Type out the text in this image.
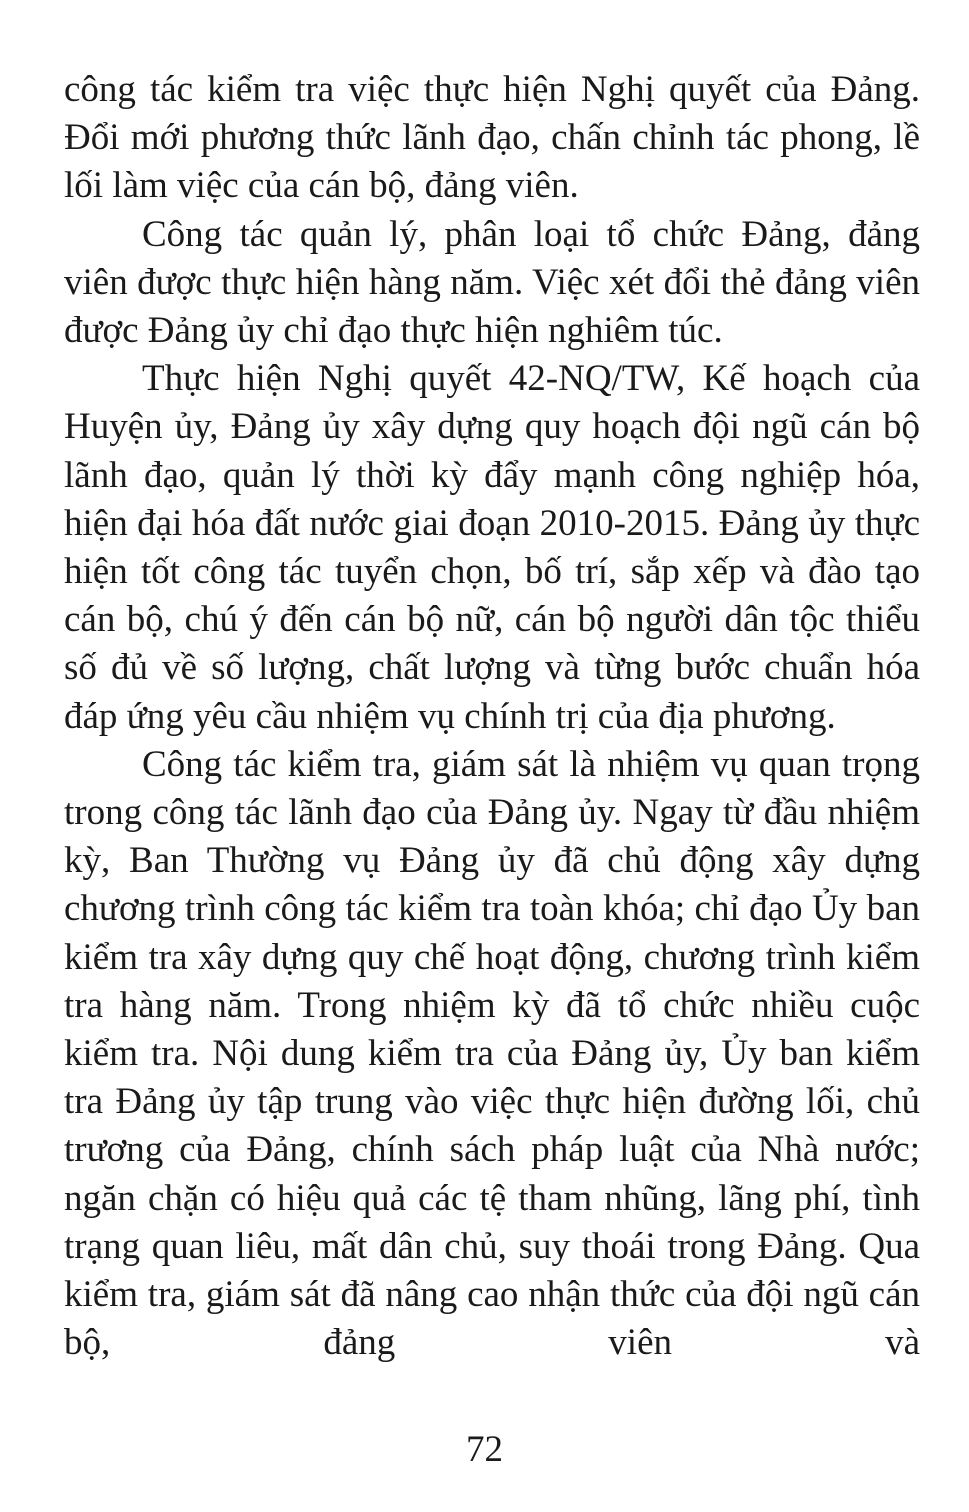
công tác kiểm tra việc thực hiện Nghị quyết của Đảng. Đổi mới phương thức lãnh đạo, chấn chỉnh tác phong, lề lối làm việc của cán bộ, đảng viên.

Công tác quản lý, phân loại tổ chức Đảng, đảng viên được thực hiện hàng năm. Việc xét đổi thẻ đảng viên được Đảng ủy chỉ đạo thực hiện nghiêm túc.

Thực hiện Nghị quyết 42-NQ/TW, Kế hoạch của Huyện ủy, Đảng ủy xây dựng quy hoạch đội ngũ cán bộ lãnh đạo, quản lý thời kỳ đẩy mạnh công nghiệp hóa, hiện đại hóa đất nước giai đoạn 2010-2015. Đảng ủy thực hiện tốt công tác tuyển chọn, bố trí, sắp xếp và đào tạo cán bộ, chú ý đến cán bộ nữ, cán bộ người dân tộc thiểu số đủ về số lượng, chất lượng và từng bước chuẩn hóa đáp ứng yêu cầu nhiệm vụ chính trị của địa phương.

Công tác kiểm tra, giám sát là nhiệm vụ quan trọng trong công tác lãnh đạo của Đảng ủy. Ngay từ đầu nhiệm kỳ, Ban Thường vụ Đảng ủy đã chủ động xây dựng chương trình công tác kiểm tra toàn khóa; chỉ đạo Ủy ban kiểm tra xây dựng quy chế hoạt động, chương trình kiểm tra hàng năm. Trong nhiệm kỳ đã tổ chức nhiều cuộc kiểm tra. Nội dung kiểm tra của Đảng ủy, Ủy ban kiểm tra Đảng ủy tập trung vào việc thực hiện đường lối, chủ trương của Đảng, chính sách pháp luật của Nhà nước; ngăn chặn có hiệu quả các tệ tham nhũng, lãng phí, tình trạng quan liêu, mất dân chủ, suy thoái trong Đảng. Qua kiểm tra, giám sát đã nâng cao nhận thức của đội ngũ cán bộ, đảng viên và

72
